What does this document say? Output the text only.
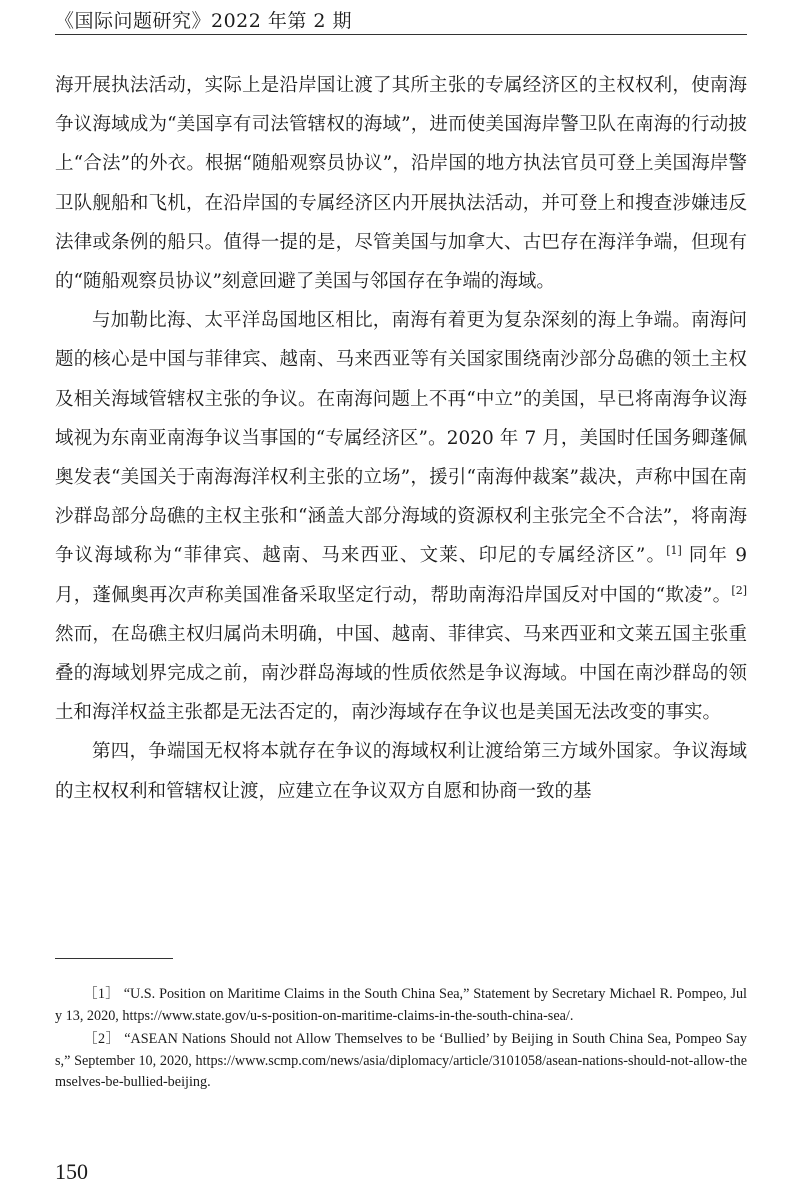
《国际问题研究》2022 年第 2 期

海开展执法活动，实际上是沿岸国让渡了其所主张的专属经济区的主权权利，使南海争议海域成为“美国享有司法管辖权的海域”，进而使美国海岸警卫队在南海的行动披上“合法”的外衣。根据“随船观察员协议”，沿岸国的地方执法官员可登上美国海岸警卫队舰船和飞机，在沿岸国的专属经济区内开展执法活动，并可登上和搜查涉嫌违反法律或条例的船只。值得一提的是，尽管美国与加拿大、古巴存在海洋争端，但现有的“随船观察员协议”刻意回避了美国与邻国存在争端的海域。

与加勒比海、太平洋岛国地区相比，南海有着更为复杂深刻的海上争端。南海问题的核心是中国与菲律宾、越南、马来西亚等有关国家围绕南沙部分岛礁的领土主权及相关海域管辖权主张的争议。在南海问题上不再“中立”的美国，早已将南海争议海域视为东南亚南海争议当事国的“专属经济区”。2020 年 7 月，美国时任国务卿蓬佩奥发表“美国关于南海海洋权利主张的立场”，援引“南海仲裁案”裁决，声称中国在南沙群岛部分岛礁的主权主张和“涵盖大部分海域的资源权利主张完全不合法”，将南海争议海域称为“菲律宾、越南、马来西亚、文莱、印尼的专属经济区”。[1] 同年 9 月，蓬佩奥再次声称美国准备采取坚定行动，帮助南海沿岸国反对中国的“欺凌”。[2] 然而，在岛礁主权归属尚未明确，中国、越南、菲律宾、马来西亚和文莱五国主张重叠的海域划界完成之前，南沙群岛海域的性质依然是争议海域。中国在南沙群岛的领土和海洋权益主张都是无法否定的，南沙海域存在争议也是美国无法改变的事实。

第四，争端国无权将本就存在争议的海域权利让渡给第三方域外国家。争议海域的主权权利和管辖权让渡，应建立在争议双方自愿和协商一致的基

［1］ “U.S. Position on Maritime Claims in the South China Sea,” Statement by Secretary Michael R. Pompeo, July 13, 2020, https://www.state.gov/u-s-position-on-maritime-claims-in-the-south-china-sea/.

［2］ “ASEAN Nations Should not Allow Themselves to be ‘Bullied’ by Beijing in South China Sea, Pompeo Says,” September 10, 2020, https://www.scmp.com/news/asia/diplomacy/article/3101058/asean-nations-should-not-allow-themselves-be-bullied-beijing.

150
